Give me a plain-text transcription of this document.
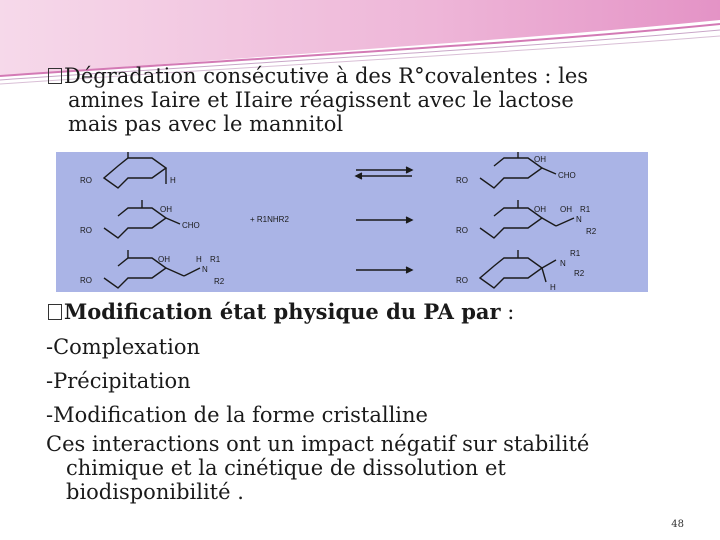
Dégradation consécutive à des R°covalentes : les
amines Iaire et IIaire réagissent avec le lactose
mais pas avec le mannitol
RO	H	RO
OH
CHO
RO
OH
CHO
+ R1NHR2
RO
OH OH R1
N
R2
RO
OH	H R1
N
R2	RO
H
R1
N
R2
Modification état physique du PA par :
-Complexation
-Précipitation
-Modification de la forme cristalline
Ces interactions ont un impact négatif sur stabilité
chimique et la cinétique de dissolution et
biodisponibilité .
48
